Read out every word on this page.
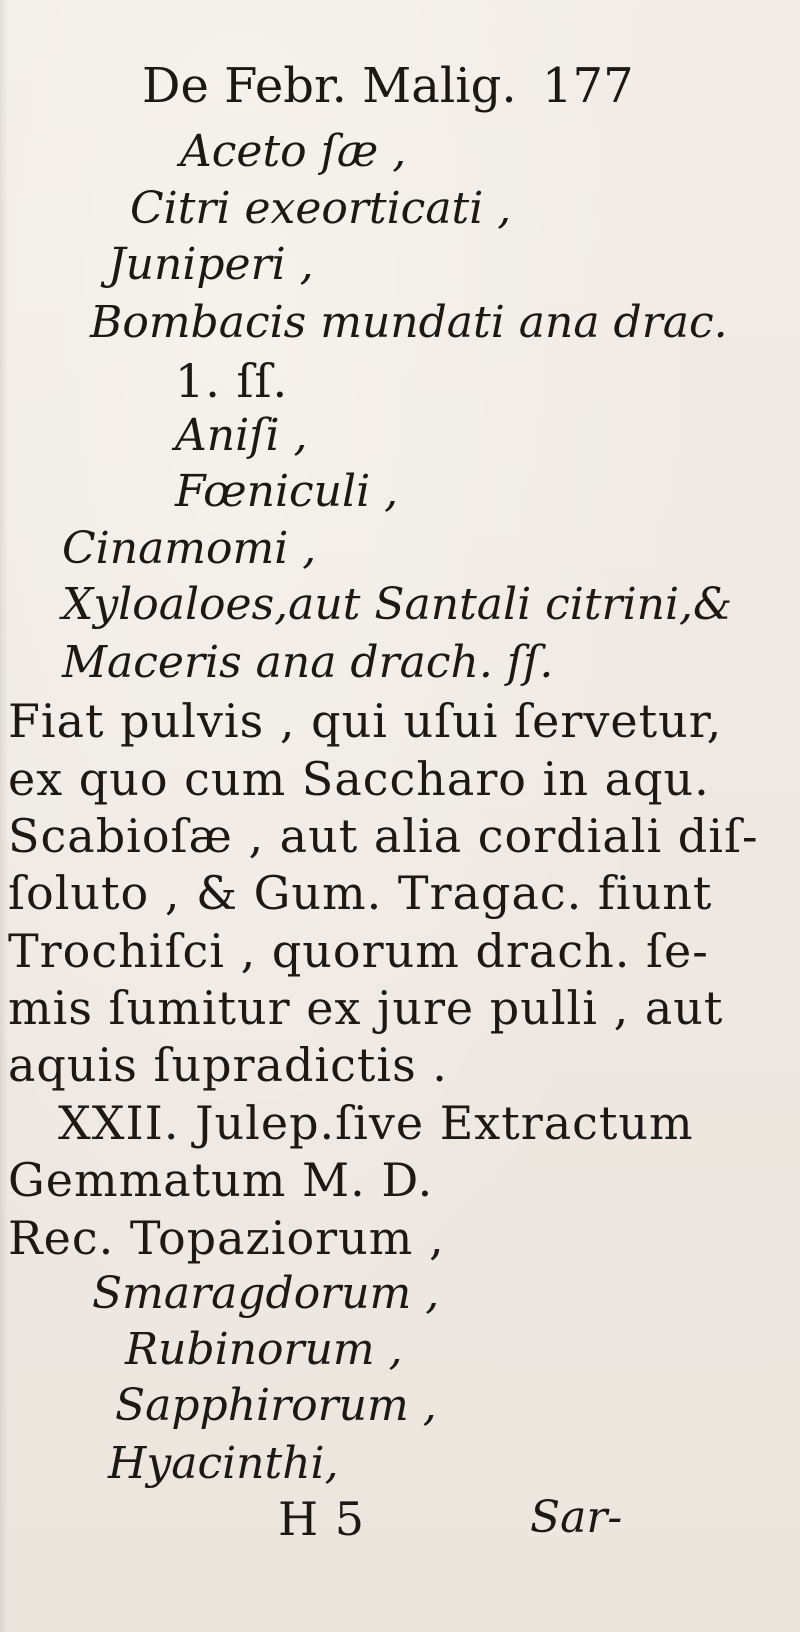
De Febr. Malig. 177
Aceto ſæ ,
Citri exeorticati ,
Juniperi ,
Bombacis mundati ana drac.
1. ſſ.
Aniſi ,
Fœniculi ,
Cinamomi ,
Xyloaloes,aut Santali citrini,&
Maceris ana drach. ſſ.
Fiat pulvis , qui uſui ſervetur,
ex quo cum Saccharo in aqu.
Scabioſæ , aut alia cordiali diſ-
ſoluto , & Gum. Tragac. fiunt
Trochiſci , quorum drach. ſe-
mis ſumitur ex jure pulli , aut
aquis ſupradictis .
XXII. Julep.ſive Extractum
Gemmatum M. D.
Rec. Topaziorum ,
Smaragdorum ,
Rubinorum ,
Sapphirorum ,
Hyacinthi,
H 5	Sar-
